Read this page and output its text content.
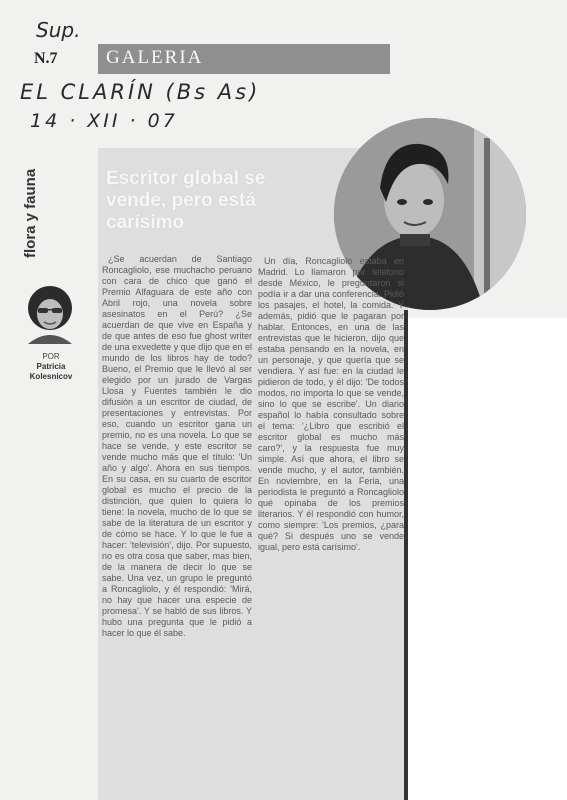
Sup.
EL CLARÍN (Bs As)
14 · XII · 07
N.7	GALERIA
flora y fauna
POR
Patricia
Kolesnicov
Escritor global se vende, pero está carísimo

¿Se acuerdan de Santiago Roncagliolo, ese muchacho peruano con cara de chico que ganó el Premio Alfaguara de este año con Abril rojo, una novela sobre asesinatos en el Perú? ¿Se acuerdan de que vive en España y de que antes de eso fue ghost writer de una exvedette y que dijo que en el mundo de los libros hay de todo? Bueno, el Premio que le llevó al ser elegido por un jurado de Vargas Llosa y Fuentes también le dio difusión a un escritor de ciudad, de presentaciones y entrevistas. Por eso, cuando un escritor gana un premio, no es una novela. Lo que se hace se vende, y este escritor se vende mucho más que el título: 'Un año y algo'. Ahora en sus tiempos. En su casa, en su cuarto de escritor global es mucho el precio de la distinción, que quien lo quiera lo tiene: la novela, mucho de lo que se sabe de la literatura de un escritor y de cómo se hace. Y lo que le fue a hacer: 'televisión', dijo. Por supuesto, no es otra cosa que saber, mas bien, de la manera de decir lo que se sabe. Una vez, un grupo le preguntó a Roncagliolo, y él respondió: 'Mirá, no hay que hacer una especie de promesa'. Y se habló de sus libros. Y hubo una pregunta que le pidió a hacer lo que él sabe.

Un día, Roncagliolo estaba en Madrid. Lo llamaron por teléfono desde México, le preguntaron si podía ir a dar una conferencia. Pidió los pasajes, el hotel, la comida. Y además, pidió que le pagaran por hablar. Entonces, en una de las entrevistas que le hicieron, dijo que estaba pensando en la novela, en un personaje, y que quería que se vendiera. Y así fue: en la ciudad le pidieron de todo, y él dijo: 'De todos modos, no importa lo que se vende, sino lo que se escribe'. Un diario español lo había consultado sobre el tema: '¿Libro que escribió el escritor global es mucho más caro?', y la respuesta fue muy simple. Así que ahora, el libro se vende mucho, y el autor, también. En noviembre, en la Feria, una periodista le preguntó a Roncagliolo qué opinaba de los premios literarios. Y él respondió con humor, como siempre: 'Los premios, ¿para qué? Si después uno se vende igual, pero está carísimo'.
